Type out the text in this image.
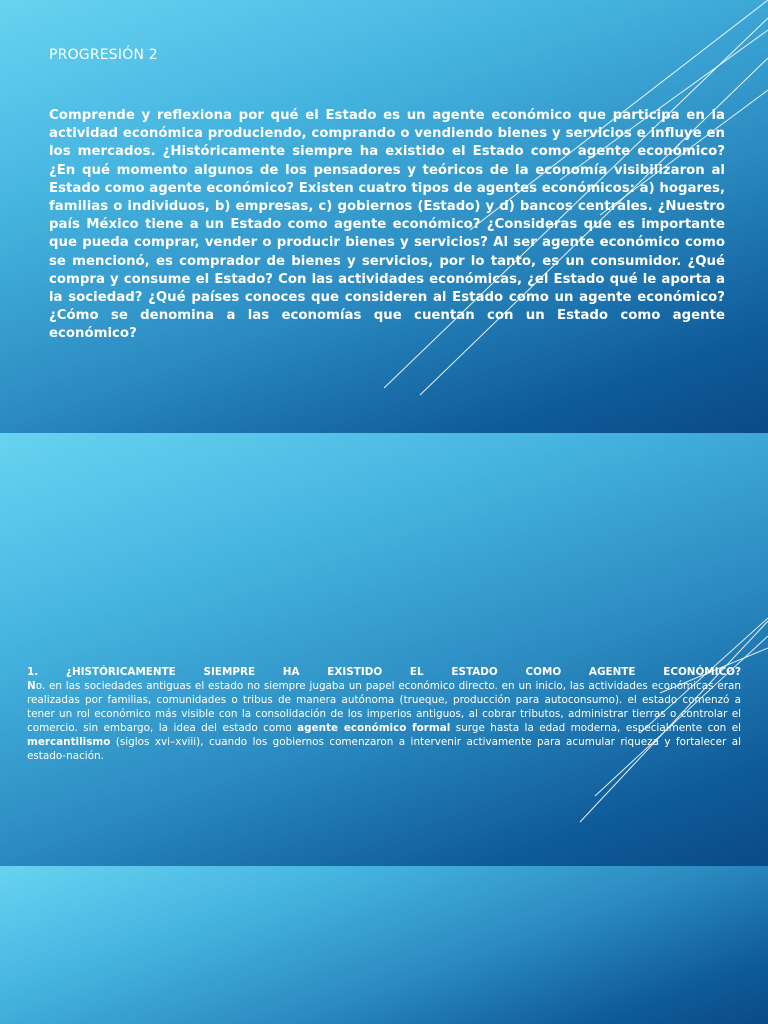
PROGRESIÓN 2
Comprende y reflexiona por qué el Estado es un agente económico que participa en la actividad económica produciendo, comprando o vendiendo bienes y servicios e influye en los mercados. ¿Históricamente siempre ha existido el Estado como agente económico? ¿En qué momento algunos de los pensadores y teóricos de la economía visibilizaron al Estado como agente económico? Existen cuatro tipos de agentes económicos: a) hogares, familias o individuos, b) empresas, c) gobiernos (Estado) y d) bancos centrales. ¿Nuestro país México tiene a un Estado como agente económico? ¿Consideras que es importante que pueda comprar, vender o producir bienes y servicios? Al ser agente económico como se mencionó, es comprador de bienes y servicios, por lo tanto, es un consumidor. ¿Qué compra y consume el Estado? Con las actividades económicas, ¿el Estado qué le aporta a la sociedad? ¿Qué países conoces que consideren al Estado como un agente económico? ¿Cómo se denomina a las economías que cuentan con un Estado como agente económico?
1. ¿HISTÓRICAMENTE SIEMPRE HA EXISTIDO EL ESTADO COMO AGENTE ECONÓMICO?
No. en las sociedades antiguas el estado no siempre jugaba un papel económico directo. en un inicio, las actividades económicas eran realizadas por familias, comunidades o tribus de manera autónoma (trueque, producción para autoconsumo). el estado comenzó a tener un rol económico más visible con la consolidación de los imperios antiguos, al cobrar tributos, administrar tierras o controlar el comercio. sin embargo, la idea del estado como agente económico formal surge hasta la edad moderna, especialmente con el mercantilismo (siglos xvi–xviii), cuando los gobiernos comenzaron a intervenir activamente para acumular riqueza y fortalecer al estado-nación.
